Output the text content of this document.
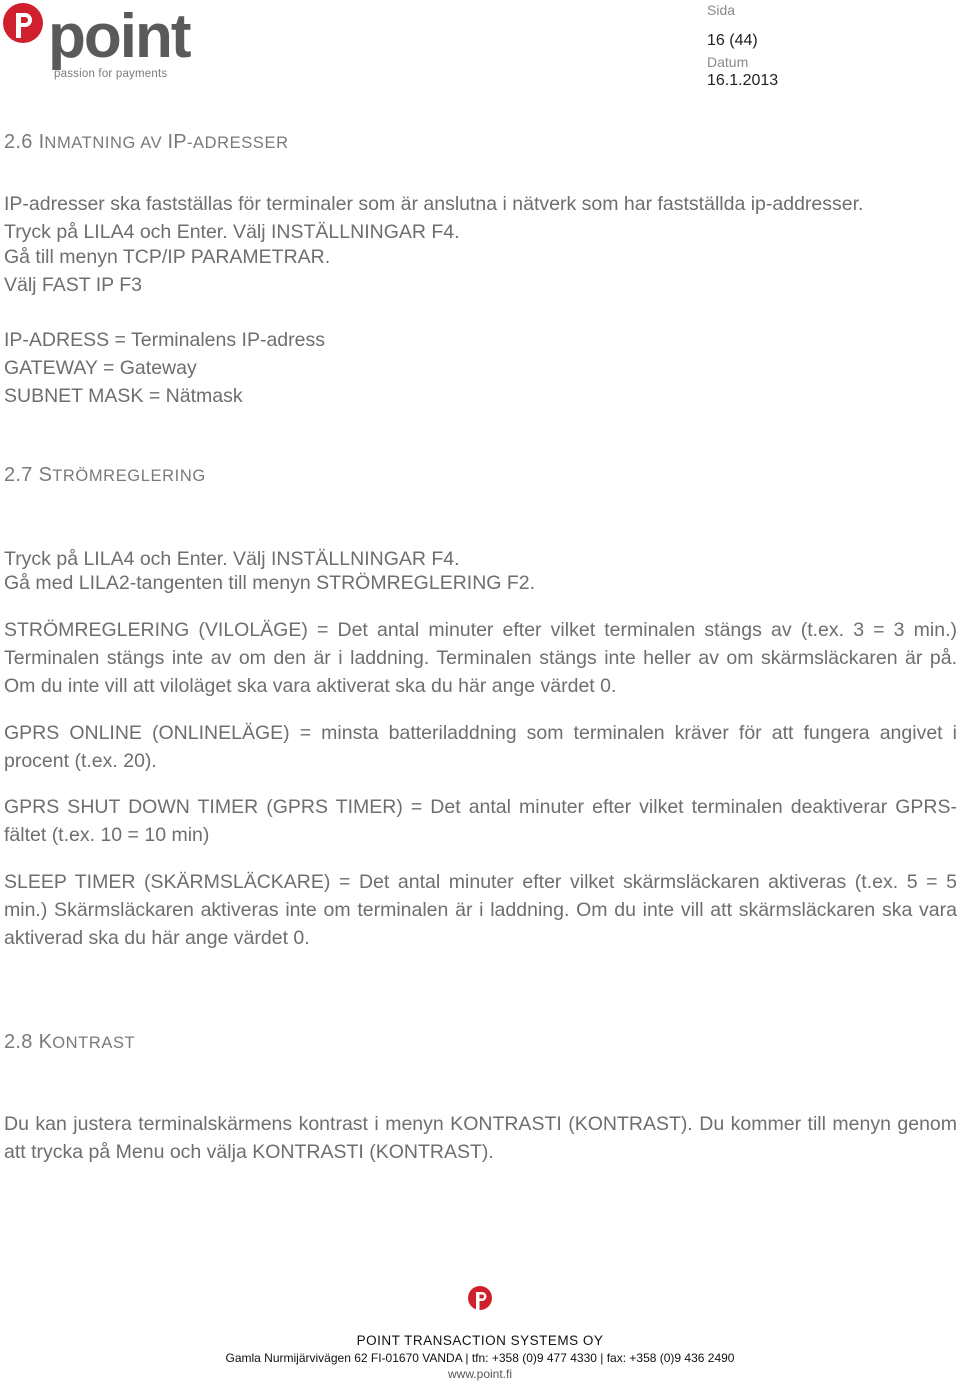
point
passion for payments
Sida
16 (44)
Datum
16.1.2013
2.6 INMATNING AV IP-ADRESSER
IP-adresser ska fastställas för terminaler som är anslutna i nätverk som har fastställda ip-addresser.
Tryck på LILA4 och Enter. Välj INSTÄLLNINGAR F4.
Gå till menyn TCP/IP PARAMETRAR.
Välj FAST IP F3
IP-ADRESS = Terminalens IP-adress
GATEWAY = Gateway
SUBNET MASK = Nätmask
2.7 STRÖMREGLERING
Tryck på LILA4 och Enter. Välj INSTÄLLNINGAR F4.
Gå med LILA2-tangenten till menyn STRÖMREGLERING F2.
STRÖMREGLERING (VILOLÄGE) = Det antal minuter efter vilket terminalen stängs av (t.ex. 3 = 3 min.) Terminalen stängs inte av om den är i laddning. Terminalen stängs inte heller av om skärmsläckaren är på. Om du inte vill att viloläget ska vara aktiverat ska du här ange värdet 0.
GPRS ONLINE (ONLINELÄGE) = minsta batteriladdning som terminalen kräver för att fungera angivet i procent (t.ex. 20).
GPRS SHUT DOWN TIMER (GPRS TIMER) = Det antal minuter efter vilket terminalen deaktiverar GPRS-fältet (t.ex. 10 = 10 min)
SLEEP TIMER (SKÄRMSLÄCKARE) = Det antal minuter efter vilket skärmsläckaren aktiveras (t.ex. 5 = 5 min.) Skärmsläckaren aktiveras inte om terminalen är i laddning. Om du inte vill att skärmsläckaren ska vara aktiverad ska du här ange värdet 0.
2.8 KONTRAST
Du kan justera terminalskärmens kontrast i menyn KONTRASTI (KONTRAST). Du kommer till menyn genom att trycka på Menu och välja KONTRASTI (KONTRAST).
POINT TRANSACTION SYSTEMS OY
Gamla Nurmijärvivägen 62 FI-01670 VANDA | tfn: +358 (0)9 477 4330 | fax: +358 (0)9 436 2490
www.point.fi
